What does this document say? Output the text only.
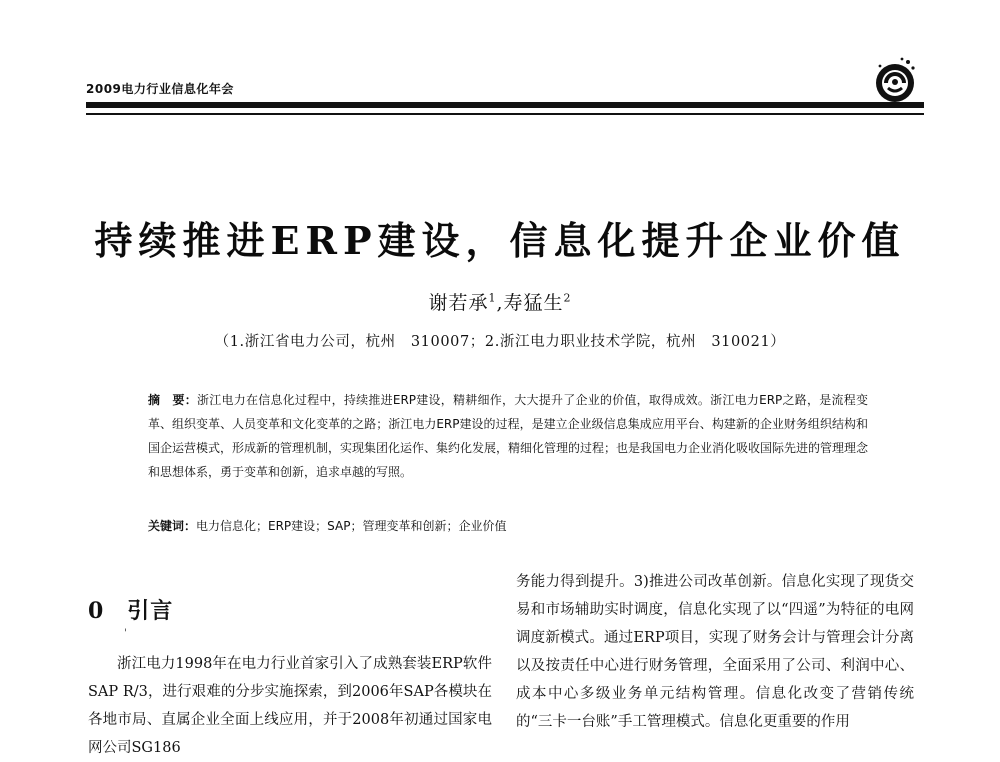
2009电力行业信息化年会
持续推进ERP建设，信息化提升企业价值
谢若承$^1$,寿猛生$^2$
（1.浙江省电力公司，杭州　310007；2.浙江电力职业技术学院，杭州　310021）
摘　要：浙江电力在信息化过程中，持续推进ERP建设，精耕细作，大大提升了企业的价值，取得成效。浙江电力ERP之路，是流程变革、组织变革、人员变革和文化变革的之路；浙江电力ERP建设的过程，是建立企业级信息集成应用平台、构建新的企业财务组织结构和国企运营模式，形成新的管理机制，实现集团化运作、集约化发展，精细化管理的过程；也是我国电力企业消化吸收国际先进的管理理念和思想体系，勇于变革和创新，追求卓越的写照。
关键词：电力信息化；ERP建设；SAP；管理变革和创新；企业价值
0　引言
'

浙江电力1998年在电力行业首家引入了成熟套装ERP软件SAP R/3，进行艰难的分步实施探索，到2006年SAP各模块在各地市局、直属企业全面上线应用，并于2008年初通过国家电网公司SG186

务能力得到提升。3)推进公司改革创新。信息化实现了现货交易和市场辅助实时调度，信息化实现了以“四遥”为特征的电网调度新模式。通过ERP项目，实现了财务会计与管理会计分离以及按责任中心进行财务管理，全面采用了公司、利润中心、成本中心多级业务单元结构管理。信息化改变了营销传统的“三卡一台账”手工管理模式。信息化更重要的作用
